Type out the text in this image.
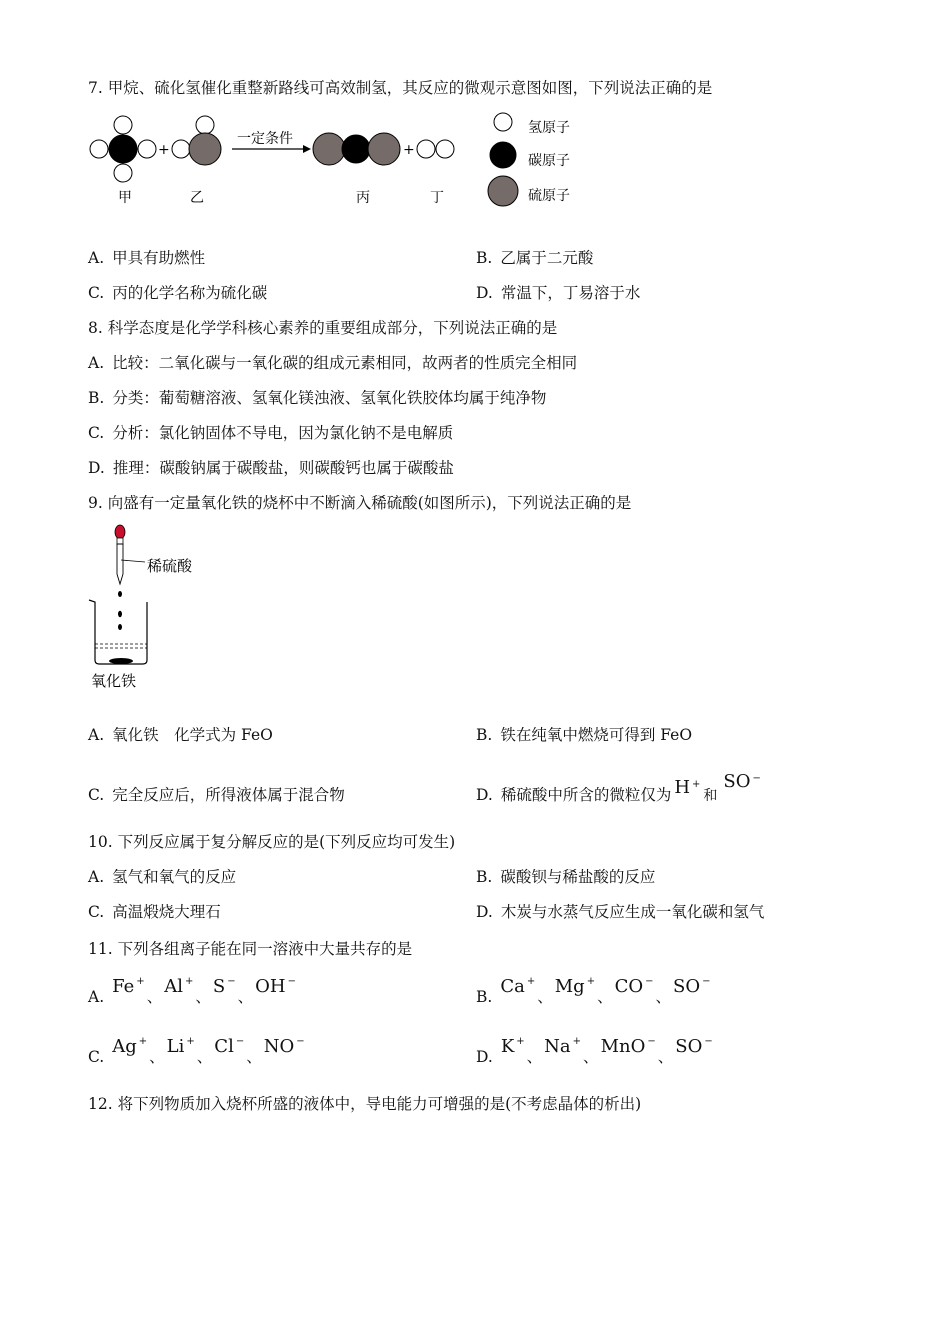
7. 甲烷、硫化氢催化重整新路线可高效制氢，其反应的微观示意图如图，下列说法正确的是
+
一定条件
+
甲	乙	丙	丁
氢原子
碳原子
硫原子
A. 甲具有助燃性	B. 乙属于二元酸
C. 丙的化学名称为硫化碳	D. 常温下，丁易溶于水
8. 科学态度是化学学科核心素养的重要组成部分，下列说法正确的是
A. 比较：二氧化碳与一氧化碳的组成元素相同，故两者的性质完全相同
B. 分类：葡萄糖溶液、氢氧化镁浊液、氢氧化铁胶体均属于纯净物
C. 分析：氯化钠固体不导电，因为氯化钠不是电解质
D. 推理：碳酸钠属于碳酸盐，则碳酸钙也属于碳酸盐
9. 向盛有一定量氧化铁的烧杯中不断滴入稀硫酸(如图所示)，下列说法正确的是
稀硫酸
氧化铁
A. 氧化铁　化学式为 FeO	B. 铁在纯氧中燃烧可得到 FeO
C. 完全反应后，所得液体属于混合物	D. 稀硫酸中所含的微粒仅为 H +和SO −
10. 下列反应属于复分解反应的是(下列反应均可发生)
A. 氢气和氧气的反应	B. 碳酸钡与稀盐酸的反应
C. 高温煅烧大理石	D. 木炭与水蒸气反应生成一氧化碳和氢气
11. 下列各组离子能在同一溶液中大量共存的是
A. Fe +、 Al +、 S −、 OH −
B. Ca +、 Mg +、 CO −、 SO −
C. Ag +、 Li +、 Cl −、 NO −
D. K +、 Na +、 MnO −、 SO −
12. 将下列物质加入烧杯所盛的液体中，导电能力可增强的是(不考虑晶体的析出)
